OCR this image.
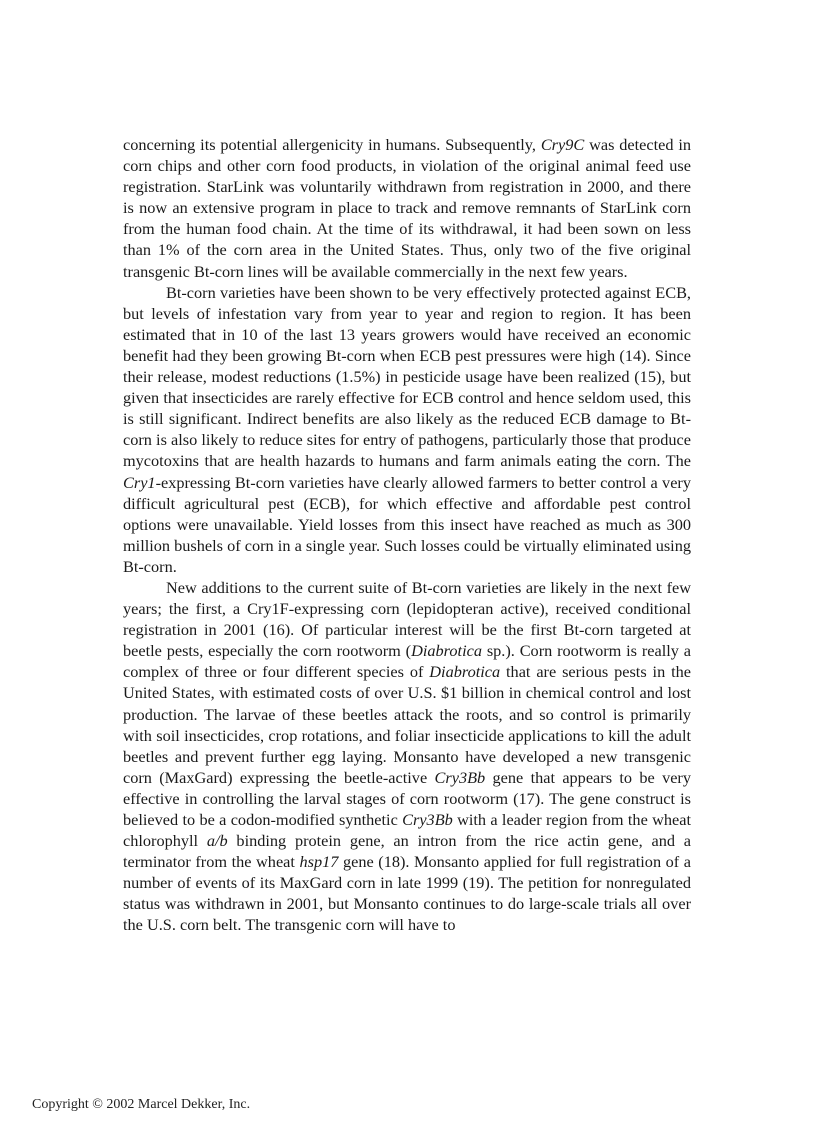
concerning its potential allergenicity in humans. Subsequently, Cry9C was detected in corn chips and other corn food products, in violation of the original animal feed use registration. StarLink was voluntarily withdrawn from registration in 2000, and there is now an extensive program in place to track and remove remnants of StarLink corn from the human food chain. At the time of its withdrawal, it had been sown on less than 1% of the corn area in the United States. Thus, only two of the five original transgenic Bt-corn lines will be available commercially in the next few years.

Bt-corn varieties have been shown to be very effectively protected against ECB, but levels of infestation vary from year to year and region to region. It has been estimated that in 10 of the last 13 years growers would have received an economic benefit had they been growing Bt-corn when ECB pest pressures were high (14). Since their release, modest reductions (1.5%) in pesticide usage have been realized (15), but given that insecticides are rarely effective for ECB control and hence seldom used, this is still significant. Indirect benefits are also likely as the reduced ECB damage to Bt-corn is also likely to reduce sites for entry of pathogens, particularly those that produce mycotoxins that are health hazards to humans and farm animals eating the corn. The Cry1-expressing Bt-corn varieties have clearly allowed farmers to better control a very difficult agricultural pest (ECB), for which effective and affordable pest control options were unavailable. Yield losses from this insect have reached as much as 300 million bushels of corn in a single year. Such losses could be virtually eliminated using Bt-corn.

New additions to the current suite of Bt-corn varieties are likely in the next few years; the first, a Cry1F-expressing corn (lepidopteran active), received conditional registration in 2001 (16). Of particular interest will be the first Bt-corn targeted at beetle pests, especially the corn rootworm (Diabrotica sp.). Corn rootworm is really a complex of three or four different species of Diabrotica that are serious pests in the United States, with estimated costs of over U.S. $1 billion in chemical control and lost production. The larvae of these beetles attack the roots, and so control is primarily with soil insecticides, crop rotations, and foliar insecticide applications to kill the adult beetles and prevent further egg laying. Monsanto have developed a new transgenic corn (MaxGard) expressing the beetle-active Cry3Bb gene that appears to be very effective in controlling the larval stages of corn rootworm (17). The gene construct is believed to be a codon-modified synthetic Cry3Bb with a leader region from the wheat chlorophyll a/b binding protein gene, an intron from the rice actin gene, and a terminator from the wheat hsp17 gene (18). Monsanto applied for full registration of a number of events of its MaxGard corn in late 1999 (19). The petition for nonregulated status was withdrawn in 2001, but Monsanto continues to do large-scale trials all over the U.S. corn belt. The transgenic corn will have to

Copyright © 2002 Marcel Dekker, Inc.
